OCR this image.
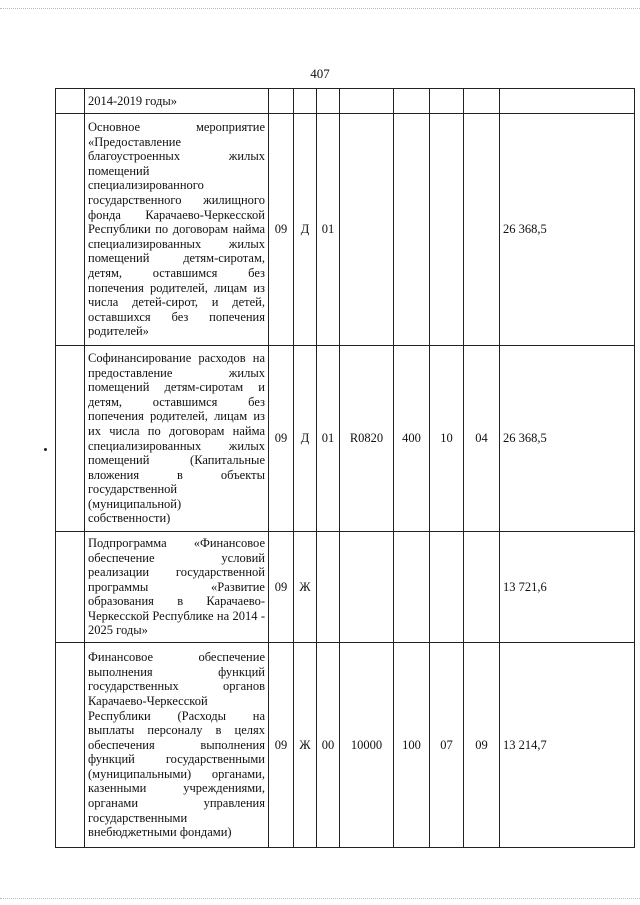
407
	2014-2019 годы»								
	Основное мероприятие «Предоставление благоустроенных жилых помещений специализированного государственного жилищного фонда Карачаево-Черкесской Республики по договорам найма специализированных жилых помещений детям-сиротам, детям, оставшимся без попечения родителей, лицам из числа детей-сирот, и детей, оставшихся без попечения родителей»	09	Д	01					26 368,5
	Софинансирование расходов на предоставление жилых помещений детям-сиротам и детям, оставшимся без попечения родителей, лицам из их числа по договорам найма специализированных жилых помещений (Капитальные вложения в объекты государственной (муниципальной) собственности)	09	Д	01	R0820	400	10	04	26 368,5
	Подпрограмма «Финансовое обеспечение условий реализации государственной программы «Развитие образования в Карачаево-Черкесской Республике на 2014 - 2025 годы»	09	Ж						13 721,6
	Финансовое обеспечение выполнения функций государственных органов Карачаево-Черкесской Республики (Расходы на выплаты персоналу в целях обеспечения выполнения функций государственными (муниципальными) органами, казенными учреждениями, органами управления государственными внебюджетными фондами)	09	Ж	00	10000	100	07	09	13 214,7
